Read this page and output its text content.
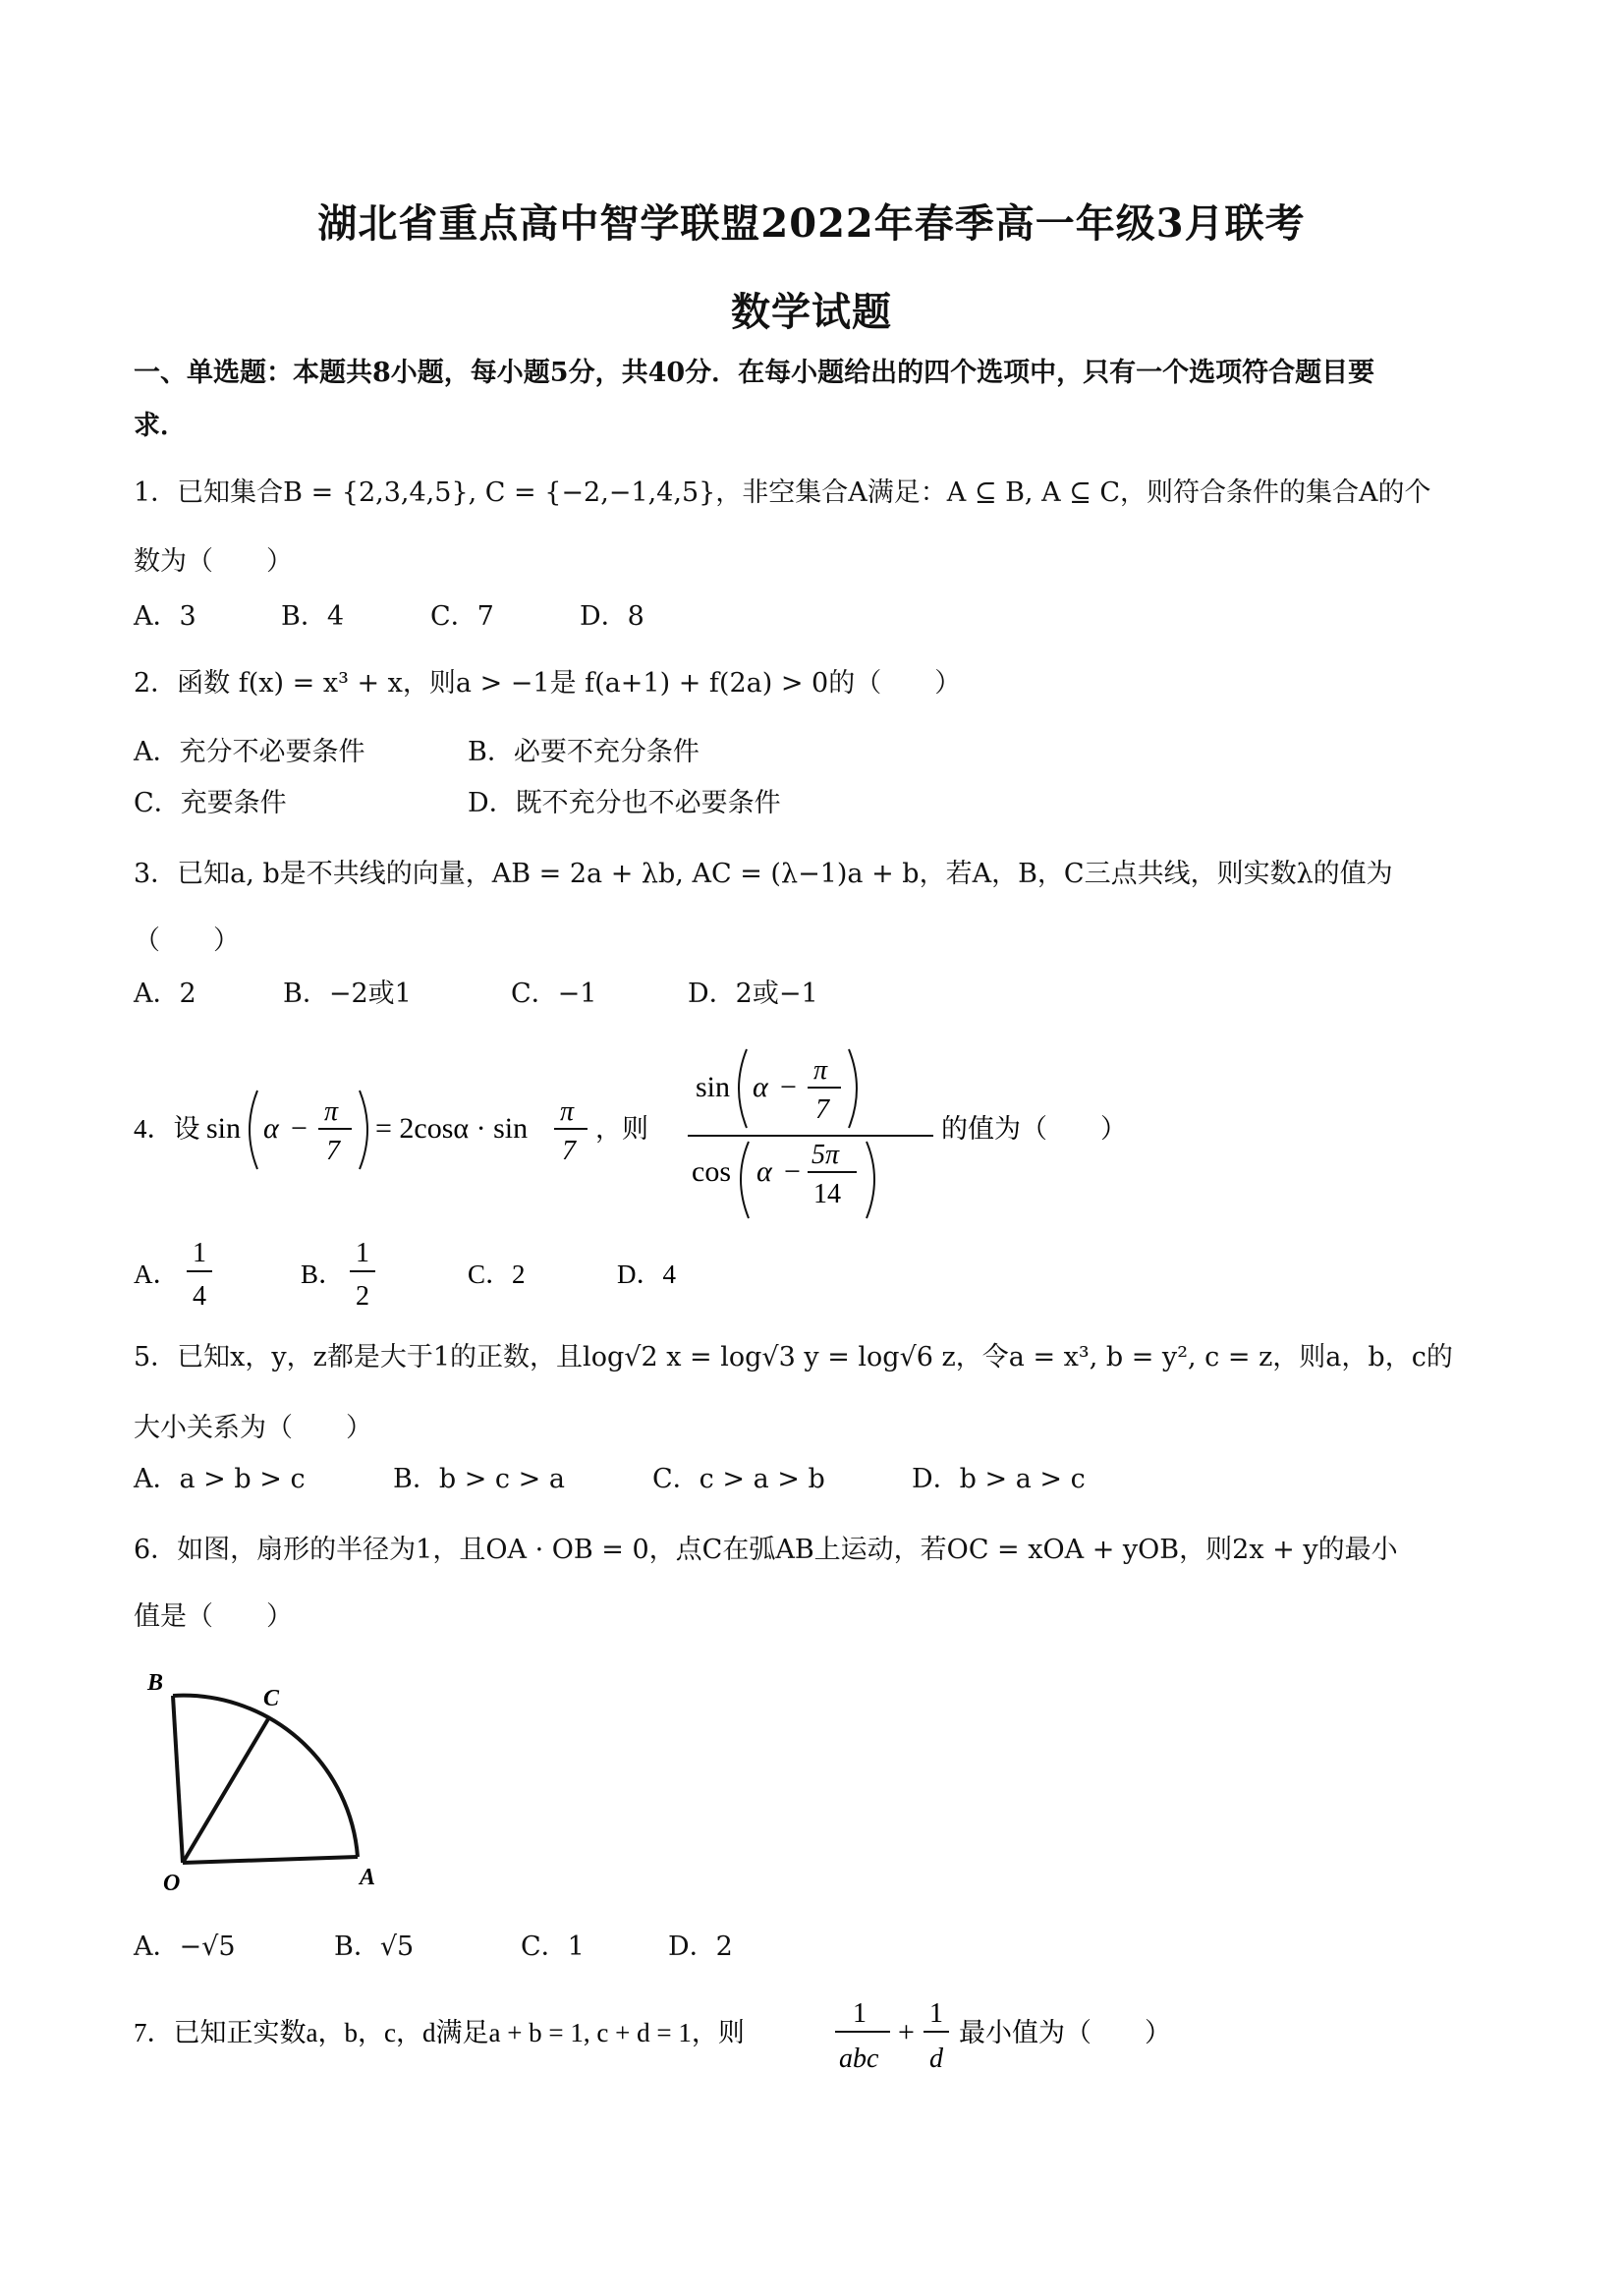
湖北省重点高中智学联盟2022年春季高一年级3月联考
数学试题
一、单选题：本题共8小题，每小题5分，共40分．在每小题给出的四个选项中，只有一个选项符合题目要
求．
1．已知集合B = {2,3,4,5}, C = {−2,−1,4,5}，非空集合A满足：A ⊆ B, A ⊆ C，则符合条件的集合A的个
数为（　　）
A．3	B．4	C．7	D．8
2．函数 f(x) = x³ + x，则a > −1是 f(a+1) + f(2a) > 0的（　　）
A．充分不必要条件	B．必要不充分条件
C．充要条件	D．既不充分也不必要条件
3．已知a, b是不共线的向量，AB = 2a + λb, AC = (λ−1)a + b，若A，B，C三点共线，则实数λ的值为
（　　）
A．2	B．−2或1	C．−1	D．2或−1
4．设 sin α −
π
7
= 2cosα · sin
π
7
，则
sin α −
π
7
cos α −
5π
14
的值为（　　）
A．
1
4
B．
1
2
C．2	D．4
5．已知x，y，z都是大于1的正数，且log√2 x = log√3 y = log√6 z，令a = x³, b = y², c = z，则a，b，c的
大小关系为（　　）
A．a > b > c	B．b > c > a	C．c > a > b	D．b > a > c
6．如图，扇形的半径为1，且OA · OB = 0，点C在弧AB上运动，若OC = xOA + yOB，则2x + y的最小
值是（　　）
B
C
O	A
A．−√5	B．√5	C．1	D．2
7．已知正实数a，b，c，d满足a + b = 1, c + d = 1，则
1
abc
+
1
d
最小值为（　　）
